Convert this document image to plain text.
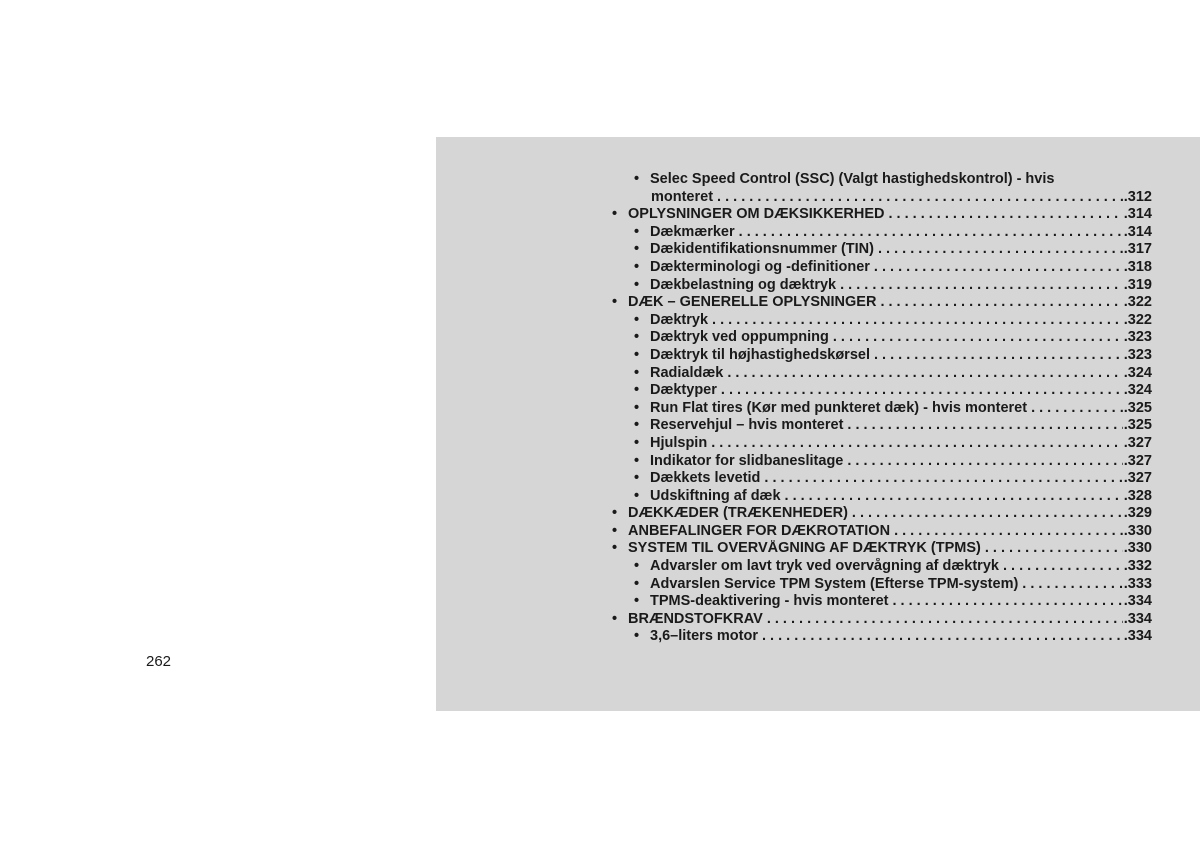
262
• Selec Speed Control (SSC) (Valgt hastighedskontrol) - hvis
monteret . . .	.312
• OPLYSNINGER OM DÆKSIKKERHED . . .	.314
• Dækmærker . . .	.314
• Dækidentifikationsnummer (TIN) . . .	.317
• Dækterminologi og -definitioner . . .	.318
• Dækbelastning og dæktryk . . .	.319
• DÆK – GENERELLE OPLYSNINGER . . .	.322
• Dæktryk . . .	.322
• Dæktryk ved oppumpning . . .	.323
• Dæktryk til højhastighedskørsel . . .	.323
• Radialdæk . . .	.324
• Dæktyper . . .	.324
• Run Flat tires (Kør med punkteret dæk) - hvis monteret . . .	.325
• Reservehjul – hvis monteret . . .	.325
• Hjulspin . . .	.327
• Indikator for slidbaneslitage . . .	.327
• Dækkets levetid . . .	.327
• Udskiftning af dæk . . .	.328
• DÆKKÆDER (TRÆKENHEDER) . . .	.329
• ANBEFALINGER FOR DÆKROTATION . . .	.330
• SYSTEM TIL OVERVÅGNING AF DÆKTRYK (TPMS) . . .	.330
• Advarsler om lavt tryk ved overvågning af dæktryk . . .	.332
• Advarslen Service TPM System (Efterse TPM-system) . . .	.333
• TPMS-deaktivering - hvis monteret . . .	.334
• BRÆNDSTOFKRAV . . .	.334
• 3,6–liters motor . . .	.334
